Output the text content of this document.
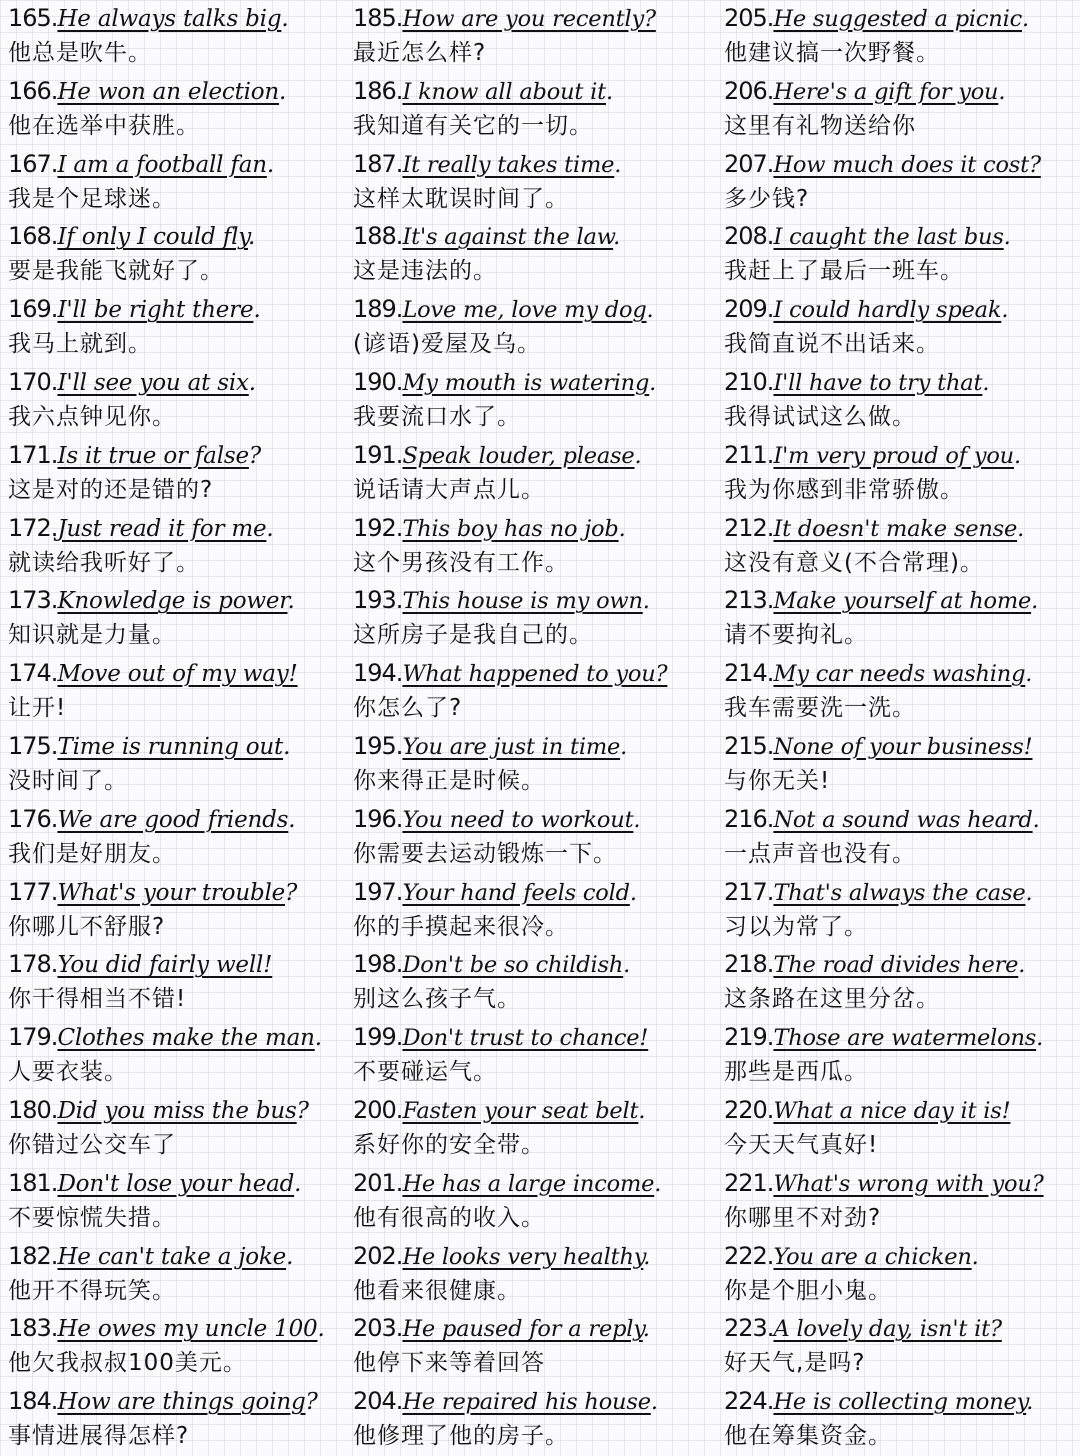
165.He always talks big.
他总是吹牛。
166.He won an election.
他在选举中获胜。
167.I am a football fan.
我是个足球迷。
168.If only I could fly.
要是我能飞就好了。
169.I'll be right there.
我马上就到。
170.I'll see you at six.
我六点钟见你。
171.Is it true or false?
这是对的还是错的?
172.Just read it for me.
就读给我听好了。
173.Knowledge is power.
知识就是力量。
174.Move out of my way!
让开!
175.Time is running out.
没时间了。
176.We are good friends.
我们是好朋友。
177.What's your trouble?
你哪儿不舒服?
178.You did fairly well!
你干得相当不错!
179.Clothes make the man.
人要衣装。
180.Did you miss the bus?
你错过公交车了
181.Don't lose your head.
不要惊慌失措。
182.He can't take a joke.
他开不得玩笑。
183.He owes my uncle 100.
他欠我叔叔100美元。
184.How are things going?
事情进展得怎样?
185.How are you recently?
最近怎么样?
186.I know all about it.
我知道有关它的一切。
187.It really takes time.
这样太耽误时间了。
188.It's against the law.
这是违法的。
189.Love me, love my dog.
(谚语)爱屋及乌。
190.My mouth is watering.
我要流口水了。
191.Speak louder, please.
说话请大声点儿。
192.This boy has no job.
这个男孩没有工作。
193.This house is my own.
这所房子是我自己的。
194.What happened to you?
你怎么了?
195.You are just in time.
你来得正是时候。
196.You need to workout.
你需要去运动锻炼一下。
197.Your hand feels cold.
你的手摸起来很冷。
198.Don't be so childish.
别这么孩子气。
199.Don't trust to chance!
不要碰运气。
200.Fasten your seat belt.
系好你的安全带。
201.He has a large income.
他有很高的收入。
202.He looks very healthy.
他看来很健康。
203.He paused for a reply.
他停下来等着回答
204.He repaired his house.
他修理了他的房子。
205.He suggested a picnic.
他建议搞一次野餐。
206.Here's a gift for you.
这里有礼物送给你
207.How much does it cost?
多少钱?
208.I caught the last bus.
我赶上了最后一班车。
209.I could hardly speak.
我简直说不出话来。
210.I'll have to try that.
我得试试这么做。
211.I'm very proud of you.
我为你感到非常骄傲。
212.It doesn't make sense.
这没有意义(不合常理)。
213.Make yourself at home.
请不要拘礼。
214.My car needs washing.
我车需要洗一洗。
215.None of your business!
与你无关!
216.Not a sound was heard.
一点声音也没有。
217.That's always the case.
习以为常了。
218.The road divides here.
这条路在这里分岔。
219.Those are watermelons.
那些是西瓜。
220.What a nice day it is!
今天天气真好!
221.What's wrong with you?
你哪里不对劲?
222.You are a chicken.
你是个胆小鬼。
223.A lovely day, isn't it?
好天气,是吗?
224.He is collecting money.
他在筹集资金。
